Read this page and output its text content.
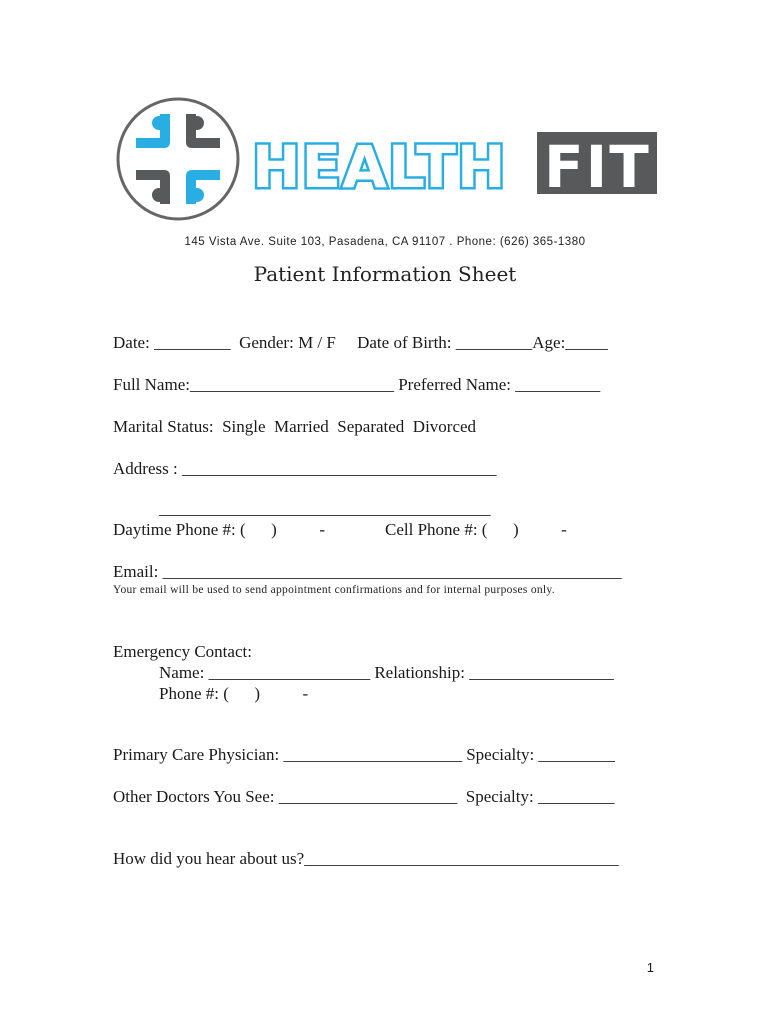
HEALTH FIT
145 Vista Ave. Suite 103, Pasadena, CA 91107 . Phone: (626) 365-1380
Patient Information Sheet
Date: _________  Gender: M / F     Date of Birth: _________Age:_____
Full Name:________________________ Preferred Name: __________
Marital Status:  Single  Married  Separated  Divorced
Address : _____________________________________
_______________________________________
Daytime Phone #: (      )          -	Cell Phone #: (      )          -
Email: ______________________________________________________
Your email will be used to send appointment confirmations and for internal purposes only.
Emergency Contact:
Name: ___________________ Relationship: _________________
Phone #: (      )          -
Primary Care Physician: _____________________ Specialty: _________
Other Doctors You See: _____________________  Specialty: _________
How did you hear about us?_____________________________________
1
